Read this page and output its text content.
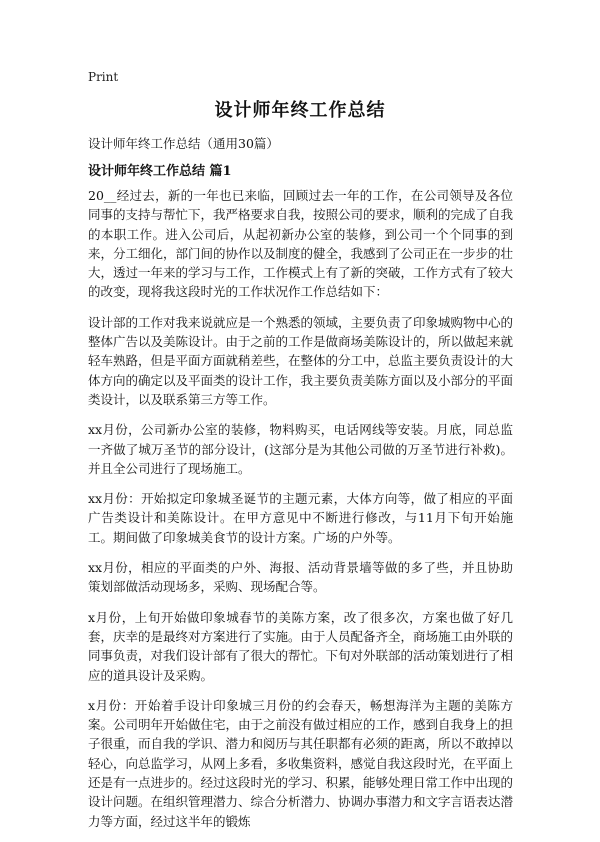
Print
设计师年终工作总结
设计师年终工作总结（通用30篇）
设计师年终工作总结 篇1

20__经过去，新的一年也已来临，回顾过去一年的工作，在公司领导及各位同事的支持与帮忙下，我严格要求自我，按照公司的要求，顺利的完成了自我的本职工作。进入公司后，从起初新办公室的装修，到公司一个个同事的到来，分工细化，部门间的协作以及制度的健全，我感到了公司正在一步步的壮大，透过一年来的学习与工作，工作模式上有了新的突破，工作方式有了较大的改变，现将我这段时光的工作状况作工作总结如下：

设计部的工作对我来说就应是一个熟悉的领域，主要负责了印象城购物中心的整体广告以及美陈设计。由于之前的工作是做商场美陈设计的，所以做起来就轻车熟路，但是平面方面就稍差些，在整体的分工中，总监主要负责设计的大体方向的确定以及平面类的设计工作，我主要负责美陈方面以及小部分的平面类设计，以及联系第三方等工作。

xx月份，公司新办公室的装修，物料购买，电话网线等安装。月底，同总监一齐做了城万圣节的部分设计，(这部分是为其他公司做的万圣节进行补救)。并且全公司进行了现场施工。

xx月份：开始拟定印象城圣诞节的主题元素，大体方向等，做了相应的平面广告类设计和美陈设计。在甲方意见中不断进行修改，与11月下旬开始施工。期间做了印象城美食节的设计方案。广场的户外等。

xx月份，相应的平面类的户外、海报、活动背景墙等做的多了些，并且协助策划部做活动现场多，采购、现场配合等。

x月份，上旬开始做印象城春节的美陈方案，改了很多次，方案也做了好几套，庆幸的是最终对方案进行了实施。由于人员配备齐全，商场施工由外联的同事负责，对我们设计部有了很大的帮忙。下旬对外联部的活动策划进行了相应的道具设计及采购。

x月份：开始着手设计印象城三月份的约会春天，畅想海洋为主题的美陈方案。公司明年开始做住宅，由于之前没有做过相应的工作，感到自我身上的担子很重，而自我的学识、潜力和阅历与其任职都有必须的距离，所以不敢掉以轻心，向总监学习，从网上多看，多收集资料，感觉自我这段时光，在平面上还是有一点进步的。经过这段时光的学习、积累，能够处理日常工作中出现的设计问题。在组织管理潜力、综合分析潜力、协调办事潜力和文字言语表达潜力等方面，经过这半年的锻炼
